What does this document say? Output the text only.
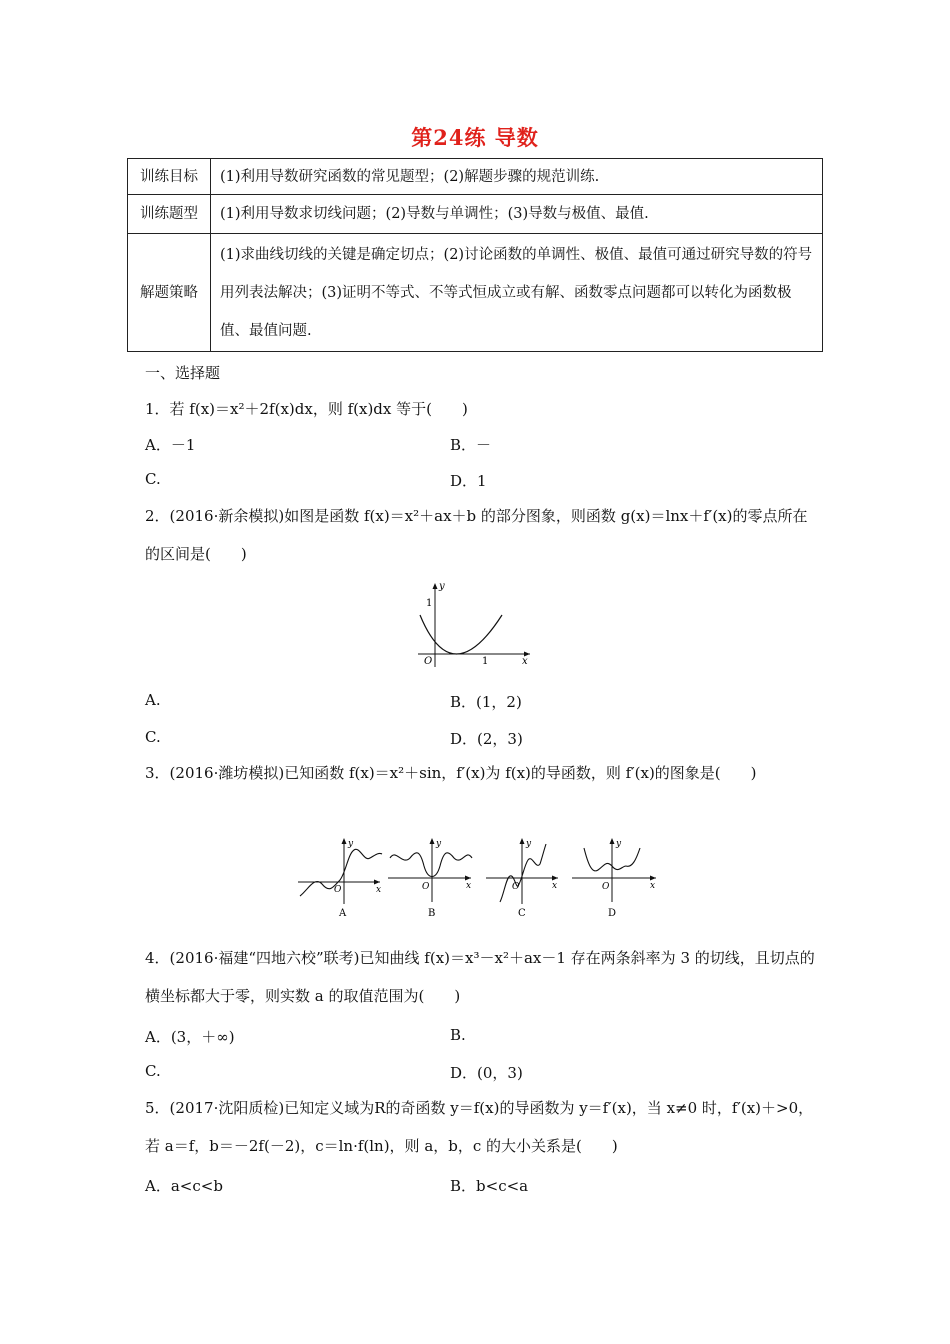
第24练 导数
训练目标	(1)利用导数研究函数的常见题型；(2)解题步骤的规范训练.
训练题型	(1)利用导数求切线问题；(2)导数与单调性；(3)导数与极值、最值.
解题策略	(1)求曲线切线的关键是确定切点；(2)讨论函数的单调性、极值、最值可通过研究导数的符号用列表法解决；(3)证明不等式、不等式恒成立或有解、函数零点问题都可以转化为函数极值、最值问题.
一、选择题
1．若 f(x)＝x²＋2f(x)dx，则 f(x)dx 等于(　　)
A．－1	B．－
C.	D．1
2．(2016·新余模拟)如图是函数 f(x)＝x²＋ax＋b 的部分图象，则函数 g(x)＝lnx＋f′(x)的零点所在的区间是(　　)
y
1
O	1	x
A.	B．(1，2)
C.	D．(2，3)
3．(2016·潍坊模拟)已知函数 f(x)＝x²＋sin，f′(x)为 f(x)的导函数，则 f′(x)的图象是(　　)
y
O	x
A
y
O	x
B
y
O	x
C
y
O	x
D
4．(2016·福建“四地六校”联考)已知曲线 f(x)＝x³－x²＋ax－1 存在两条斜率为 3 的切线，且切点的横坐标都大于零，则实数 a 的取值范围为(　　)
A．(3，＋∞)	B.
C.	D．(0，3)
5．(2017·沈阳质检)已知定义域为R的奇函数 y＝f(x)的导函数为 y＝f′(x)，当 x≠0 时，f′(x)＋>0，若 a＝f，b＝－2f(－2)，c＝ln·f(ln)，则 a，b，c 的大小关系是(　　)
A．a<c<b	B．b<c<a
